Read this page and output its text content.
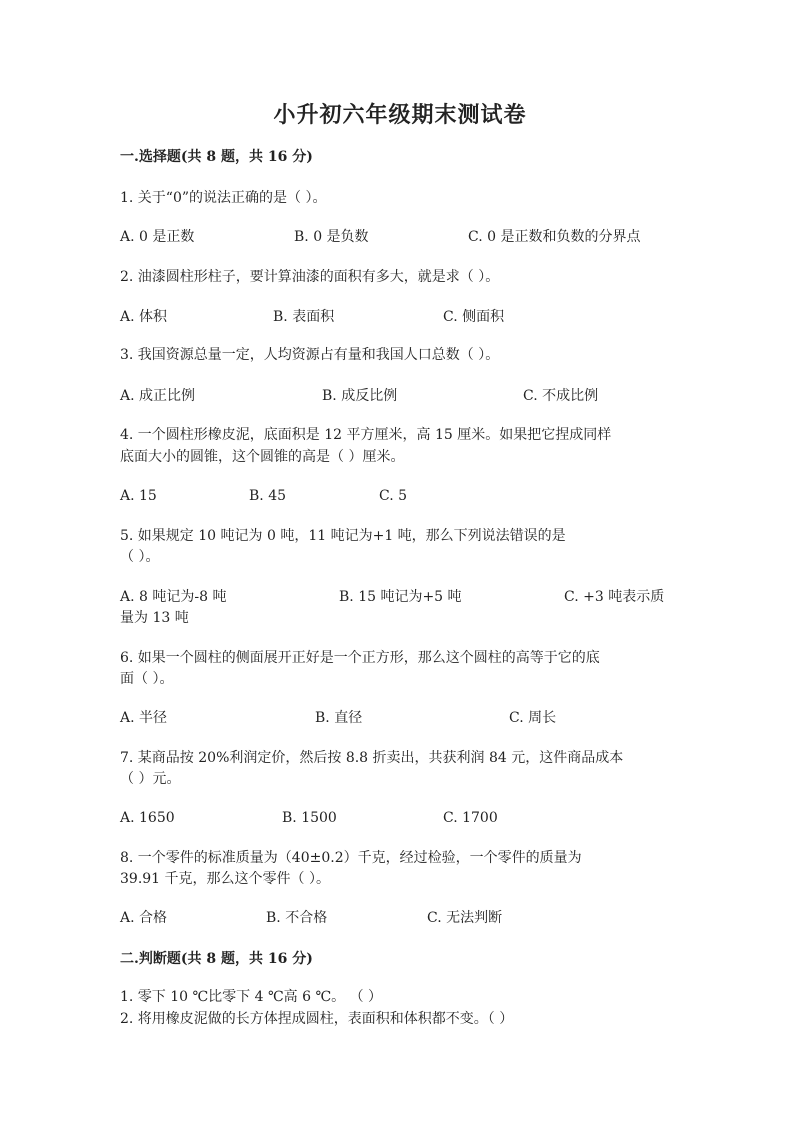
小升初六年级期末测试卷
一.选择题(共 8 题，共 16 分)
1. 关于“0”的说法正确的是（ ）。
A. 0 是正数	B. 0 是负数	C. 0 是正数和负数的分界点
2. 油漆圆柱形柱子，要计算油漆的面积有多大，就是求（ ）。
A. 体积	B. 表面积	C. 侧面积
3. 我国资源总量一定，人均资源占有量和我国人口总数（ ）。
A. 成正比例	B. 成反比例	C. 不成比例
4. 一个圆柱形橡皮泥，底面积是 12 平方厘米，高 15 厘米。如果把它捏成同样
底面大小的圆锥，这个圆锥的高是（ ）厘米。
A. 15	B. 45	C. 5
5. 如果规定 10 吨记为 0 吨，11 吨记为+1 吨，那么下列说法错误的是
（ ）。
A. 8 吨记为-8 吨	B. 15 吨记为+5 吨	C. +3 吨表示质
量为 13 吨
6. 如果一个圆柱的侧面展开正好是一个正方形，那么这个圆柱的高等于它的底
面（ ）。
A. 半径	B. 直径	C. 周长
7. 某商品按 20%利润定价，然后按 8.8 折卖出，共获利润 84 元，这件商品成本
（ ）元。
A. 1650	B. 1500	C. 1700
8. 一个零件的标准质量为（40±0.2）千克，经过检验，一个零件的质量为
39.91 千克，那么这个零件（ ）。
A. 合格	B. 不合格	C. 无法判断
二.判断题(共 8 题，共 16 分)
1. 零下 10 ℃比零下 4 ℃高 6 ℃。 （ ）
2. 将用橡皮泥做的长方体捏成圆柱，表面积和体积都不变。（ ）
